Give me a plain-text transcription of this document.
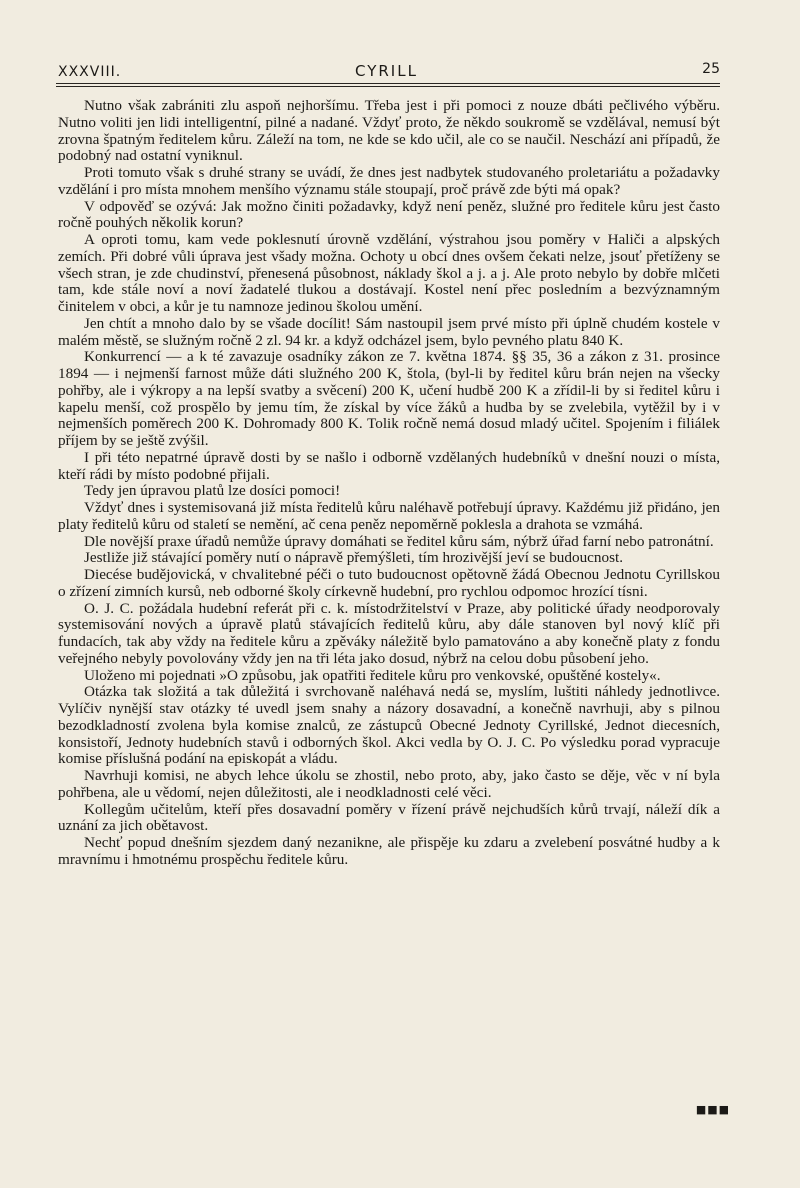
XXXVIII.	CYRILL	25

Nutno však zabrániti zlu aspoň nejhoršímu. Třeba jest i při pomoci z nouze dbáti pečlivého výběru. Nutno voliti jen lidi intelligentní, pilné a nadané. Vždyť proto, že někdo soukromě se vzdělával, nemusí být zrovna špatným ředitelem kůru. Záleží na tom, ne kde se kdo učil, ale co se naučil. Neschází ani případů, že podobný nad ostatní vyniknul.

Proti tomuto však s druhé strany se uvádí, že dnes jest nadbytek studovaného proletariátu a požadavky vzdělání i pro místa mnohem menšího významu stále stoupají, proč právě zde býti má opak?

V odpověď se ozývá: Jak možno činiti požadavky, když není peněz, služné pro ředitele kůru jest často ročně pouhých několik korun?

A oproti tomu, kam vede poklesnutí úrovně vzdělání, výstrahou jsou poměry v Haliči a alpských zemích. Při dobré vůli úprava jest všady možna. Ochoty u obcí dnes ovšem čekati nelze, jsouť přetíženy se všech stran, je zde chudinství, přenesená působnost, náklady škol a j. a j. Ale proto nebylo by dobře mlčeti tam, kde stále noví a noví žadatelé tlukou a dostávají. Kostel není přec posledním a bezvýznamným činitelem v obci, a kůr je tu namnoze jedinou školou umění.

Jen chtít a mnoho dalo by se všade docílit! Sám nastoupil jsem prvé místo při úplně chudém kostele v malém městě, se služným ročně 2 zl. 94 kr. a když odcházel jsem, bylo pevného platu 840 K.

Konkurrencí — a k té zavazuje osadníky zákon ze 7. května 1874. §§ 35, 36 a zákon z 31. prosince 1894 — i nejmenší farnost může dáti služného 200 K, štola, (byl-li by ředitel kůru brán nejen na všecky pohřby, ale i výkropy a na lepší svatby a svěcení) 200 K, učení hudbě 200 K a zřídil-li by si ředitel kůru i kapelu menší, což prospělo by jemu tím, že získal by více žáků a hudba by se zvelebila, vytěžil by i v nejmenších poměrech 200 K. Dohromady 800 K. Tolik ročně nemá dosud mladý učitel. Spojením i filiálek příjem by se ještě zvýšil.

I při této nepatrné úpravě dosti by se našlo i odborně vzdělaných hudebníků v dnešní nouzi o místa, kteří rádi by místo podobné přijali.

Tedy jen úpravou platů lze dosíci pomoci!

Vždyť dnes i systemisovaná již místa ředitelů kůru naléhavě potřebují úpravy. Každému již přidáno, jen platy ředitelů kůru od staletí se nemění, ač cena peněz nepoměrně poklesla a drahota se vzmáhá.

Dle novější praxe úřadů nemůže úpravy domáhati se ředitel kůru sám, nýbrž úřad farní nebo patronátní.

Jestliže již stávající poměry nutí o nápravě přemýšleti, tím hrozivější jeví se budoucnost.

Diecése budějovická, v chvalitebné péči o tuto budoucnost opětovně žádá Obecnou Jednotu Cyrillskou o zřízení zimních kursů, neb odborné školy církevně hudební, pro rychlou odpomoc hrozící tísni.

O. J. C. požádala hudební referát při c. k. místodržitelství v Praze, aby politické úřady neodporovaly systemisování nových a úpravě platů stávajících ředitelů kůru, aby dále stanoven byl nový klíč při fundacích, tak aby vždy na ředitele kůru a zpěváky náležitě bylo pamatováno a aby konečně platy z fondu veřejného nebyly povolovány vždy jen na tři léta jako dosud, nýbrž na celou dobu působení jeho.

Uloženo mi pojednati »O způsobu, jak opatřiti ředitele kůru pro venkovské, opuštěné kostely«.

Otázka tak složitá a tak důležitá i svrchovaně naléhavá nedá se, myslím, luštiti náhledy jednotlivce. Vylíčiv nynější stav otázky té uvedl jsem snahy a názory dosavadní, a konečně navrhuji, aby s pilnou bezodkladností zvolena byla komise znalců, ze zástupců Obecné Jednoty Cyrillské, Jednot diecesních, konsistoří, Jednoty hudebních stavů i odborných škol. Akci vedla by O. J. C. Po výsledku porad vypracuje komise příslušná podání na episkopát a vládu.

Navrhuji komisi, ne abych lehce úkolu se zhostil, nebo proto, aby, jako často se děje, věc v ní byla pohřbena, ale u vědomí, nejen důležitosti, ale i neodkladnosti celé věci.

Kollegům učitelům, kteří přes dosavadní poměry v řízení právě nejchudších kůrů trvají, náleží dík a uznání za jich obětavost.

Nechť popud dnešním sjezdem daný nezanikne, ale přispěje ku zdaru a zvelebení posvátné hudby a k mravnímu i hmotnému prospěchu ředitele kůru.

■■■
